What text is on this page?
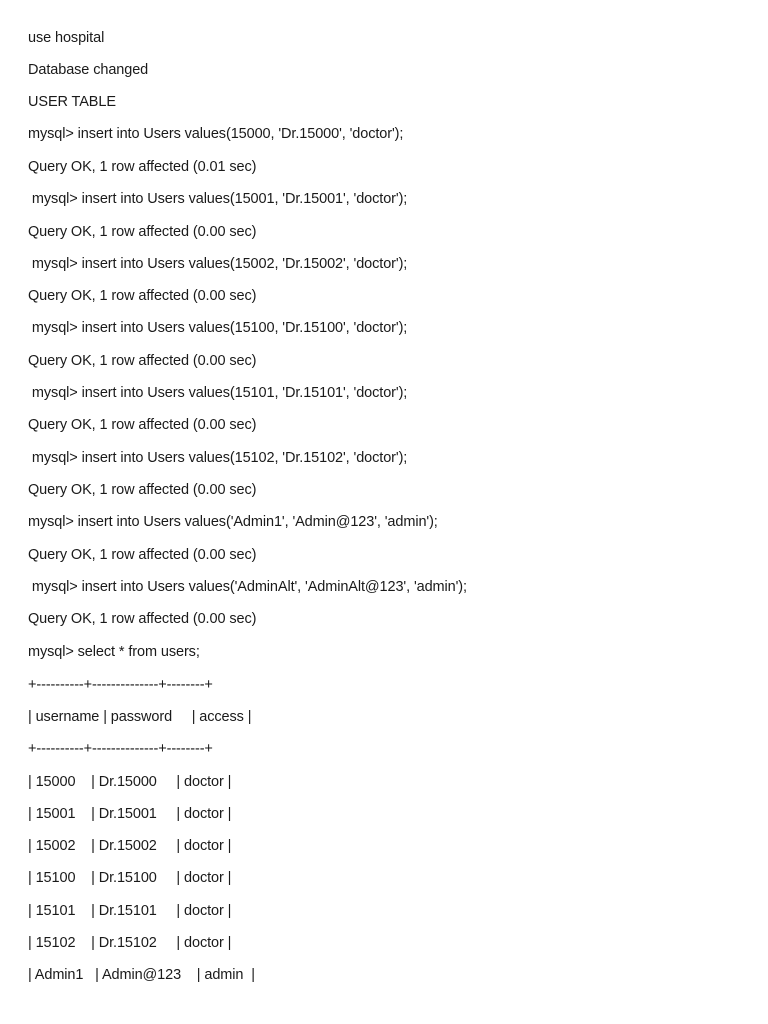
use hospital

Database changed

USER TABLE

mysql> insert into Users values(15000, 'Dr.15000', 'doctor');

Query OK, 1 row affected (0.01 sec)

mysql> insert into Users values(15001, 'Dr.15001', 'doctor');

Query OK, 1 row affected (0.00 sec)

mysql> insert into Users values(15002, 'Dr.15002', 'doctor');

Query OK, 1 row affected (0.00 sec)

mysql> insert into Users values(15100, 'Dr.15100', 'doctor');

Query OK, 1 row affected (0.00 sec)

mysql> insert into Users values(15101, 'Dr.15101', 'doctor');

Query OK, 1 row affected (0.00 sec)

mysql> insert into Users values(15102, 'Dr.15102', 'doctor');

Query OK, 1 row affected (0.00 sec)

mysql> insert into Users values('Admin1', 'Admin@123', 'admin');

Query OK, 1 row affected (0.00 sec)

mysql> insert into Users values('AdminAlt', 'AdminAlt@123', 'admin');

Query OK, 1 row affected (0.00 sec)

mysql> select * from users;

+----------+--------------+--------+

| username | password     | access |

+----------+--------------+--------+

| 15000    | Dr.15000     | doctor |

| 15001    | Dr.15001     | doctor |

| 15002    | Dr.15002     | doctor |

| 15100    | Dr.15100     | doctor |

| 15101    | Dr.15101     | doctor |

| 15102    | Dr.15102     | doctor |

| Admin1   | Admin@123    | admin  |
